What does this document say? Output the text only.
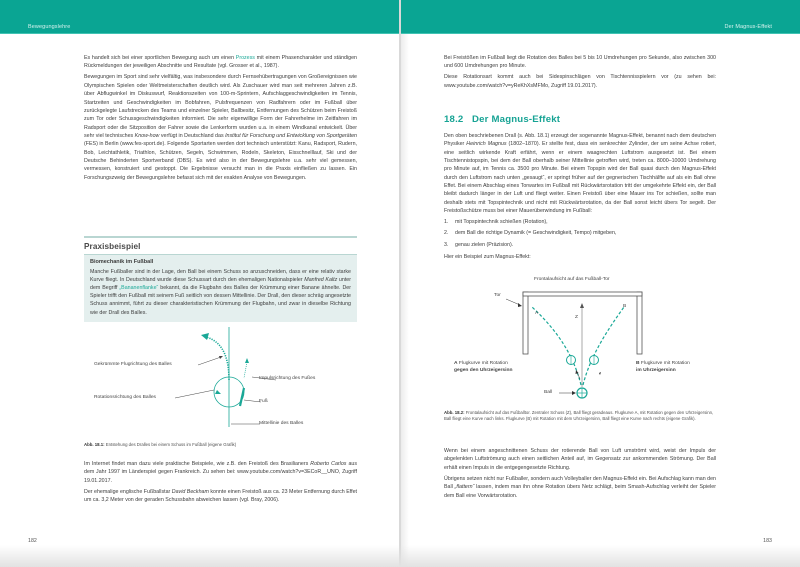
Bewegungslehre

Es handelt sich bei einer sportlichen Bewegung auch um einen Prozess mit einem Phasencharakter und ständigen Rückmeldungen der jeweiligen Abschnitte und Resultate (vgl. Grosser et al., 1987).

Bewegungen im Sport sind sehr vielfältig, was insbesondere durch Fernsehübertragungen von Großereignissen wie Olympischen Spielen oder Weltmeisterschaften deutlich wird. Als Zuschauer wird man seit mehreren Jahren z.B. über Abflugwinkel im Diskuswurf, Reaktionszeiten von 100-m-Sprintern, Aufschlaggeschwindigkeiten im Tennis, Startzeiten und Geschwindigkeiten im Bobfahren, Pulsfrequenzen von Radfahrern oder im Fußball über zurückgelegte Laufstrecken des Teams und einzelner Spieler, Ballbesitz, Entfernungen des Schützen beim Freistoß zum Tor oder Schussgeschwindigkeiten informiert. Die sehr eigenwillige Form der Fahrerhelme im Zeitfahren im Radsport oder die Sitzposition der Fahrer sowie die Lenkerform wurden u.a. in einem Windkanal entwickelt. Über sehr viel technisches Know-how verfügt in Deutschland das Institut für Forschung und Entwicklung von Sportgeräten (FES) in Berlin (www.fes-sport.de). Folgende Sportarten werden dort technisch unterstützt: Kanu, Radsport, Rudern, Bob, Leichtathletik, Triathlon, Schützen, Segeln, Schwimmen, Rodeln, Skeleton, Eisschnelllauf, Ski und der Deutsche Behinderten Sportverband (DBS). Es wird also in der Bewegungslehre u.a. sehr viel gemessen, vermessen, konstruiert und gestoppt. Die Ergebnisse versucht man in die Praxis einfließen zu lassen. Ein Forschungszweig der Bewegungslehre befasst sich mit der exakten Analyse von Bewegungen.

Praxisbeispiel
Biomechanik im Fußball

Manche Fußballer sind in der Lage, den Ball bei einem Schuss so anzuschneiden, dass er eine relativ starke Kurve fliegt. In Deutschland wurde diese Schussart durch den ehemaligen Nationalspieler Manfred Kaltz unter dem Begriff „Bananenflanke“ bekannt, da die Flugbahn des Balles der Krümmung einer Banane ähnelte. Der Spieler trifft den Fußball mit seinem Fuß seitlich von dessen Mittellinie. Der Drall, den dieser schräg angesetzte Schuss annimmt, führt zu dieser charakteristischen Krümmung der Flugbahn, und zwar in dieselbe Richtung wie der Drall des Balles.

Gekrümmte Flugrichtung des Balles
Impulsrichtung des Fußes
Rotationsrichtung des Balles
Fuß
Mittellinie des Balles
Abb. 18.1: Entstehung des Dralles bei einem Schuss im Fußball (eigene Grafik)

Im Internet findet man dazu viele praktische Beispiele, wie z.B. den Freistoß des Brasilianers Roberto Carlos aus dem Jahr 1997 im Länderspiel gegen Frankreich. Zu sehen bei: www.youtube.com/watch?v=3ECoR__UNO, Zugriff 19.01.2017.

Der ehemalige englische Fußballstar David Beckham konnte einen Freistoß aus ca. 23 Meter Entfernung durch Effet um ca. 3,2 Meter von der geraden Schussbahn abweichen lassen (vgl. Bray, 2006).

182
Der Magnus-Effekt

Bei Freistößen im Fußball liegt die Rotation des Balles bei 5 bis 10 Umdrehungen pro Sekunde, also zwischen 300 und 600 Umdrehungen pro Minute.

Diese Rotationsart kommt auch bei Sidespinschlägen von Tischtennisspielern vor (zu sehen bei: www.youtube.com/watch?v=yReKhXsMFMo, Zugriff 19.01.2017).

18.2 Der Magnus-Effekt

Den oben beschriebenen Drall (s. Abb. 18.1) erzeugt der sogenannte Magnus-Effekt, benannt nach dem deutschen Physiker Heinrich Magnus (1802–1870). Er stellte fest, dass ein senkrechter Zylinder, der um seine Achse rotiert, eine seitlich wirkende Kraft erfährt, wenn er einem waagrechten Luftstrom ausgesetzt ist. Bei einem Tischtennistopspin, bei dem der Ball oberhalb seiner Mittellinie getroffen wird, treten ca. 8000–10000 Umdrehung pro Minute auf, im Tennis ca. 3500 pro Minute. Bei einem Topspin wird der Ball quasi durch den Magnus-Effekt durch den Luftstrom nach unten „gesaugt“, er springt früher auf der gegnerischen Tischhälfte auf als ein Ball ohne Effet. Bei einem Abschlag eines Torwartes im Fußball mit Rückwärtsrotation tritt der umgekehrte Effekt ein, der Ball bleibt dadurch länger in der Luft und fliegt weiter. Einen Freistoß über eine Mauer ins Tor schießen, sollte man deshalb stets mit Topspintechnik und nicht mit Rückwärtsrotation, da der Ball sonst leicht übers Tor segelt. Der Freistoßschütze muss bei einer Mauerüberwindung im Fußball:

1.	mit Topspintechnik schießen (Rotation),
2.	dem Ball die richtige Dynamik (= Geschwindigkeit, Tempo) mitgeben,
3.	genau zielen (Präzision).

Hier ein Beispiel zum Magnus-Effekt:

Frontalaufsicht auf das Fußball-Tor
Tor
A
B
Z
Ball
A Flugkurve mit Rotation
gegen den Uhrzeigersinn
B Flugkurve mit Rotation
im Uhrzeigersinn
Abb. 18.2: Frontalaufsicht auf das Fußballtor. Zentraler Schuss (Z), Ball fliegt geradeaus. Flugkurve A, mit Rotation gegen den Uhrzeigersinn, Ball fliegt eine Kurve nach links. Flugkurve (B) mit Rotation mit dem Uhrzeigersinn, Ball fliegt eine Kurve nach rechts (eigene Grafik).

Wenn bei einem angeschnittenen Schuss der rotierende Ball von Luft umströmt wird, weist der Impuls der abgelenkten Luftströmung auch einen seitlichen Anteil auf, im Gegensatz zur ankommenden Strömung. Der Ball erhält einen Impuls in die entgegengesetzte Richtung.

Übrigens setzen nicht nur Fußballer, sondern auch Volleyballer den Magnus-Effekt ein. Bei Aufschlag kann man den Ball „flattern“ lassen, indem man ihn ohne Rotation übers Netz schlägt, beim Smash-Aufschlag verleiht der Spieler dem Ball eine Vorwärtsrotation.

183
